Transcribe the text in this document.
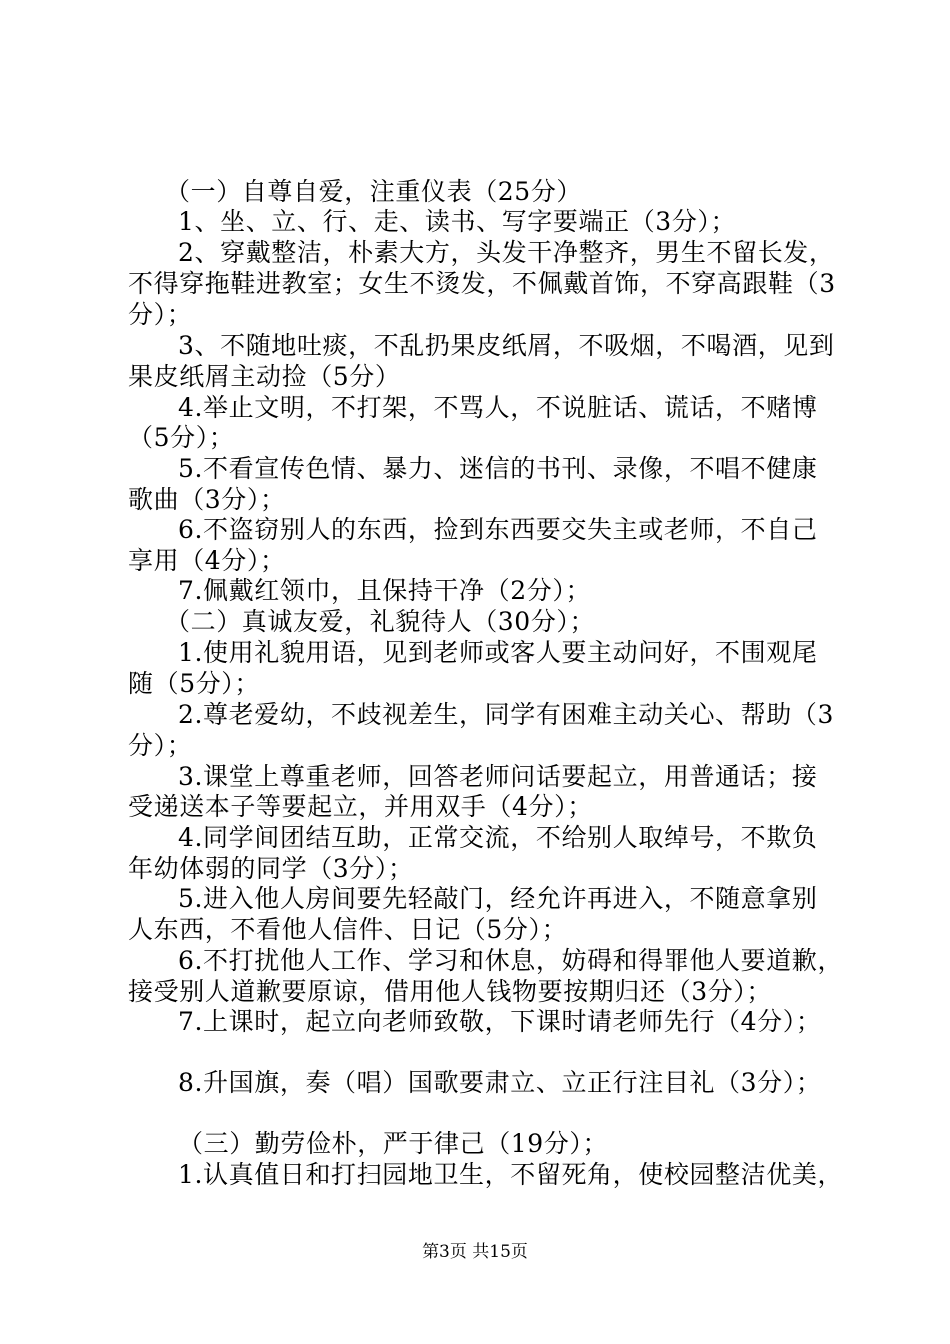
（一）自尊自爱，注重仪表（25分）
1、坐、立、行、走、读书、写字要端正（3分）；
2、穿戴整洁，朴素大方，头发干净整齐，男生不留长发，
不得穿拖鞋进教室；女生不烫发，不佩戴首饰，不穿高跟鞋（3
分）；
3、不随地吐痰，不乱扔果皮纸屑，不吸烟，不喝酒，见到
果皮纸屑主动捡（5分）
4.举止文明，不打架，不骂人，不说脏话、谎话，不赌博
（5分）；
5.不看宣传色情、暴力、迷信的书刊、录像，不唱不健康
歌曲（3分）；
6.不盗窃别人的东西，捡到东西要交失主或老师，不自己
享用（4分）；
7.佩戴红领巾，且保持干净（2分）；
（二）真诚友爱，礼貌待人（30分）；
1.使用礼貌用语，见到老师或客人要主动问好，不围观尾
随（5分）；
2.尊老爱幼，不歧视差生，同学有困难主动关心、帮助（3
分）；
3.课堂上尊重老师，回答老师问话要起立，用普通话；接
受递送本子等要起立，并用双手（4分）；
4.同学间团结互助，正常交流，不给别人取绰号，不欺负
年幼体弱的同学（3分）；
5.进入他人房间要先轻敲门，经允许再进入，不随意拿别
人东西，不看他人信件、日记（5分）；
6.不打扰他人工作、学习和休息，妨碍和得罪他人要道歉，
接受别人道歉要原谅，借用他人钱物要按期归还（3分）；
7.上课时，起立向老师致敬，下课时请老师先行（4分）；
8.升国旗，奏（唱）国歌要肃立、立正行注目礼（3分）；
（三）勤劳俭朴，严于律己（19分）；
1.认真值日和打扫园地卫生，不留死角，使校园整洁优美，
第3页 共15页
